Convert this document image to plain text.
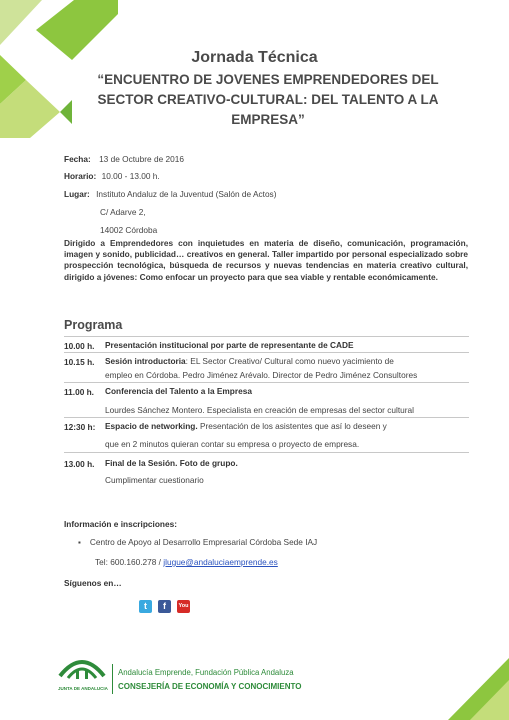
Jornada Técnica
“ENCUENTRO DE JOVENES EMPRENDEDORES DEL
SECTOR CREATIVO-CULTURAL: DEL TALENTO A LA
EMPRESA”
Fecha: 13 de Octubre de 2016
Horario: 10.00 - 13.00 h.
Lugar: Instituto Andaluz de la Juventud (Salón de Actos)
C/ Adarve 2,
14002 Córdoba
Dirigido a Emprendedores con inquietudes en materia de diseño, comunicación, programación, imagen y sonido, publicidad… creativos en general. Taller impartido por personal especializado sobre prospección tecnológica, búsqueda de recursos y nuevas tendencias en materia creativo cultural, dirigido a jóvenes: Como enfocar un proyecto para que sea viable y rentable económicamente.
Programa
10.00 h. Presentación institucional por parte de representante de CADE
10.15 h. Sesión introductoria: EL Sector Creativo/ Cultural como nuevo yacimiento de
empleo en Córdoba. Pedro Jiménez Arévalo. Director de Pedro Jiménez Consultores
11.00 h. Conferencia del Talento a la Empresa
Lourdes Sánchez Montero. Especialista en creación de empresas del sector cultural
12:30 h: Espacio de networking. Presentación de los asistentes que así lo deseen y
que en 2 minutos quieran contar su empresa o proyecto de empresa.
13.00 h. Final de la Sesión. Foto de grupo.
Cumplimentar cuestionario
Información e inscripciones:
▪ Centro de Apoyo al Desarrollo Empresarial Córdoba Sede IAJ
Tel: 600.160.278 / jlugue@andaluciaemprende.es
Síguenos en…
t	f	You
JUNTA DE ANDALUCIA
Andalucía Emprende, Fundación Pública Andaluza
CONSEJERÍA DE ECONOMÍA Y CONOCIMIENTO
